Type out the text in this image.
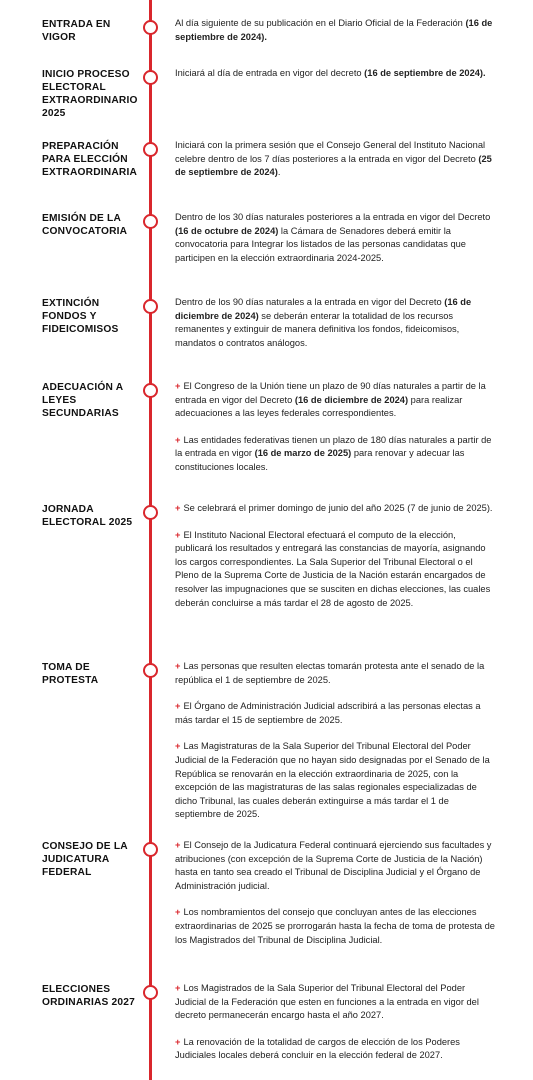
ENTRADA EN VIGOR
Al día siguiente de su publicación en el Diario Oficial de la Federación (16 de septiembre de 2024).
INICIO PROCESO ELECTORAL EXTRAORDINARIO 2025
Iniciará al día de entrada en vigor del decreto (16 de septiembre de 2024).
PREPARACIÓN PARA ELECCIÓN EXTRAORDINARIA
Iniciará con la primera sesión que el Consejo General del Instituto Nacional celebre dentro de los 7 días posteriores a la entrada en vigor del Decreto (25 de septiembre de 2024).
EMISIÓN DE LA CONVOCATORIA
Dentro de los 30 días naturales posteriores a la entrada en vigor del Decreto (16 de octubre de 2024) la Cámara de Senadores deberá emitir la convocatoria para Integrar los listados de las personas candidatas que participen en la elección extraordinaria 2024-2025.
EXTINCIÓN FONDOS Y FIDEICOMISOS
Dentro de los 90 días naturales a la entrada en vigor del Decreto (16 de diciembre de 2024) se deberán enterar la totalidad de los recursos remanentes y extinguir de manera definitiva los fondos, fideicomisos, mandatos o contratos análogos.
ADECUACIÓN A LEYES SECUNDARIAS
+ El Congreso de la Unión tiene un plazo de 90 días naturales a partir de la entrada en vigor del Decreto (16 de diciembre de 2024) para realizar adecuaciones a las leyes federales correspondientes.
+ Las entidades federativas tienen un plazo de 180 días naturales a partir de la entrada en vigor (16 de marzo de 2025) para renovar y adecuar las constituciones locales.
JORNADA ELECTORAL 2025
+ Se celebrará el primer domingo de junio del año 2025 (7 de junio de 2025).
+ El Instituto Nacional Electoral efectuará el computo de la elección, publicará los resultados y entregará las constancias de mayoría, asignando los cargos correspondientes. La Sala Superior del Tribunal Electoral o el Pleno de la Suprema Corte de Justicia de la Nación estarán encargados de resolver las impugnaciones que se susciten en dichas elecciones, las cuales deberán concluirse a más tardar el 28 de agosto de 2025.
TOMA DE PROTESTA
+ Las personas que resulten electas tomarán protesta ante el senado de la república el 1 de septiembre de 2025.
+ El Órgano de Administración Judicial adscribirá a las personas electas a más tardar el 15 de septiembre de 2025.
+ Las Magistraturas de la Sala Superior del Tribunal Electoral del Poder Judicial de la Federación que no hayan sido designadas por el Senado de la República se renovarán en la elección extraordinaria de 2025, con la excepción de las magistraturas de las salas regionales especializadas de dicho Tribunal, las cuales deberán extinguirse a más tardar el 1 de septiembre de 2025.
CONSEJO DE LA JUDICATURA FEDERAL
+ El Consejo de la Judicatura Federal continuará ejerciendo sus facultades y atribuciones (con excepción de la Suprema Corte de Justicia de la Nación) hasta en tanto sea creado el Tribunal de Disciplina Judicial y el Órgano de Administración judicial.
+ Los nombramientos del consejo que concluyan antes de las elecciones extraordinarias de 2025 se prorrogarán hasta la fecha de toma de protesta de los Magistrados del Tribunal de Disciplina Judicial.
ELECCIONES ORDINARIAS 2027
+ Los Magistrados de la Sala Superior del Tribunal Electoral del Poder Judicial de la Federación que esten en funciones a la entrada en vigor del decreto permanecerán encargo hasta el año 2027.
+ La renovación de la totalidad de cargos de elección de los Poderes Judiciales locales deberá concluir en la elección federal de 2027.
